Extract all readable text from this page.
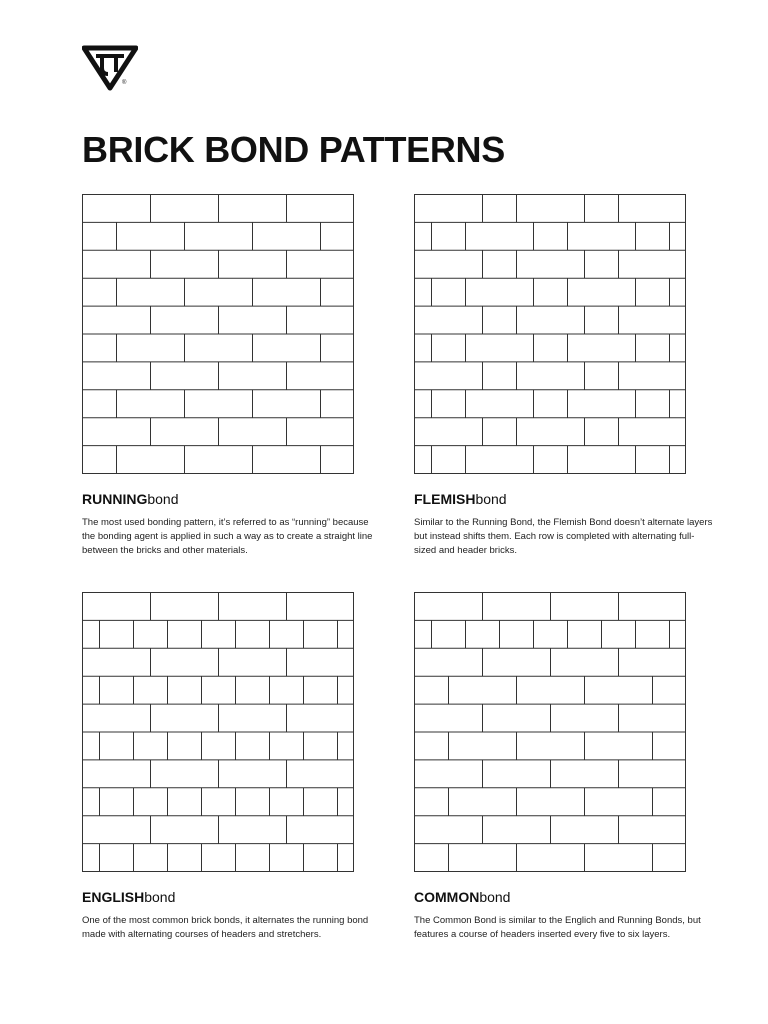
®
BRICK BOND PATTERNS
RUNNINGbond

The most used bonding pattern, it’s referred to as “running” because the bonding agent is applied in such a way as to create a straight line between the bricks and other materials.

FLEMISHbond

Similar to the Running Bond, the Flemish Bond doesn’t alternate layers but instead shifts them. Each row is completed with alternating full-sized and header bricks.

ENGLISHbond

One of the most common brick bonds, it alternates the running bond made with alternating courses of headers and stretchers.

COMMONbond

The Common Bond is similar to the Englich and Running Bonds, but features a course of headers inserted every five to six layers.
